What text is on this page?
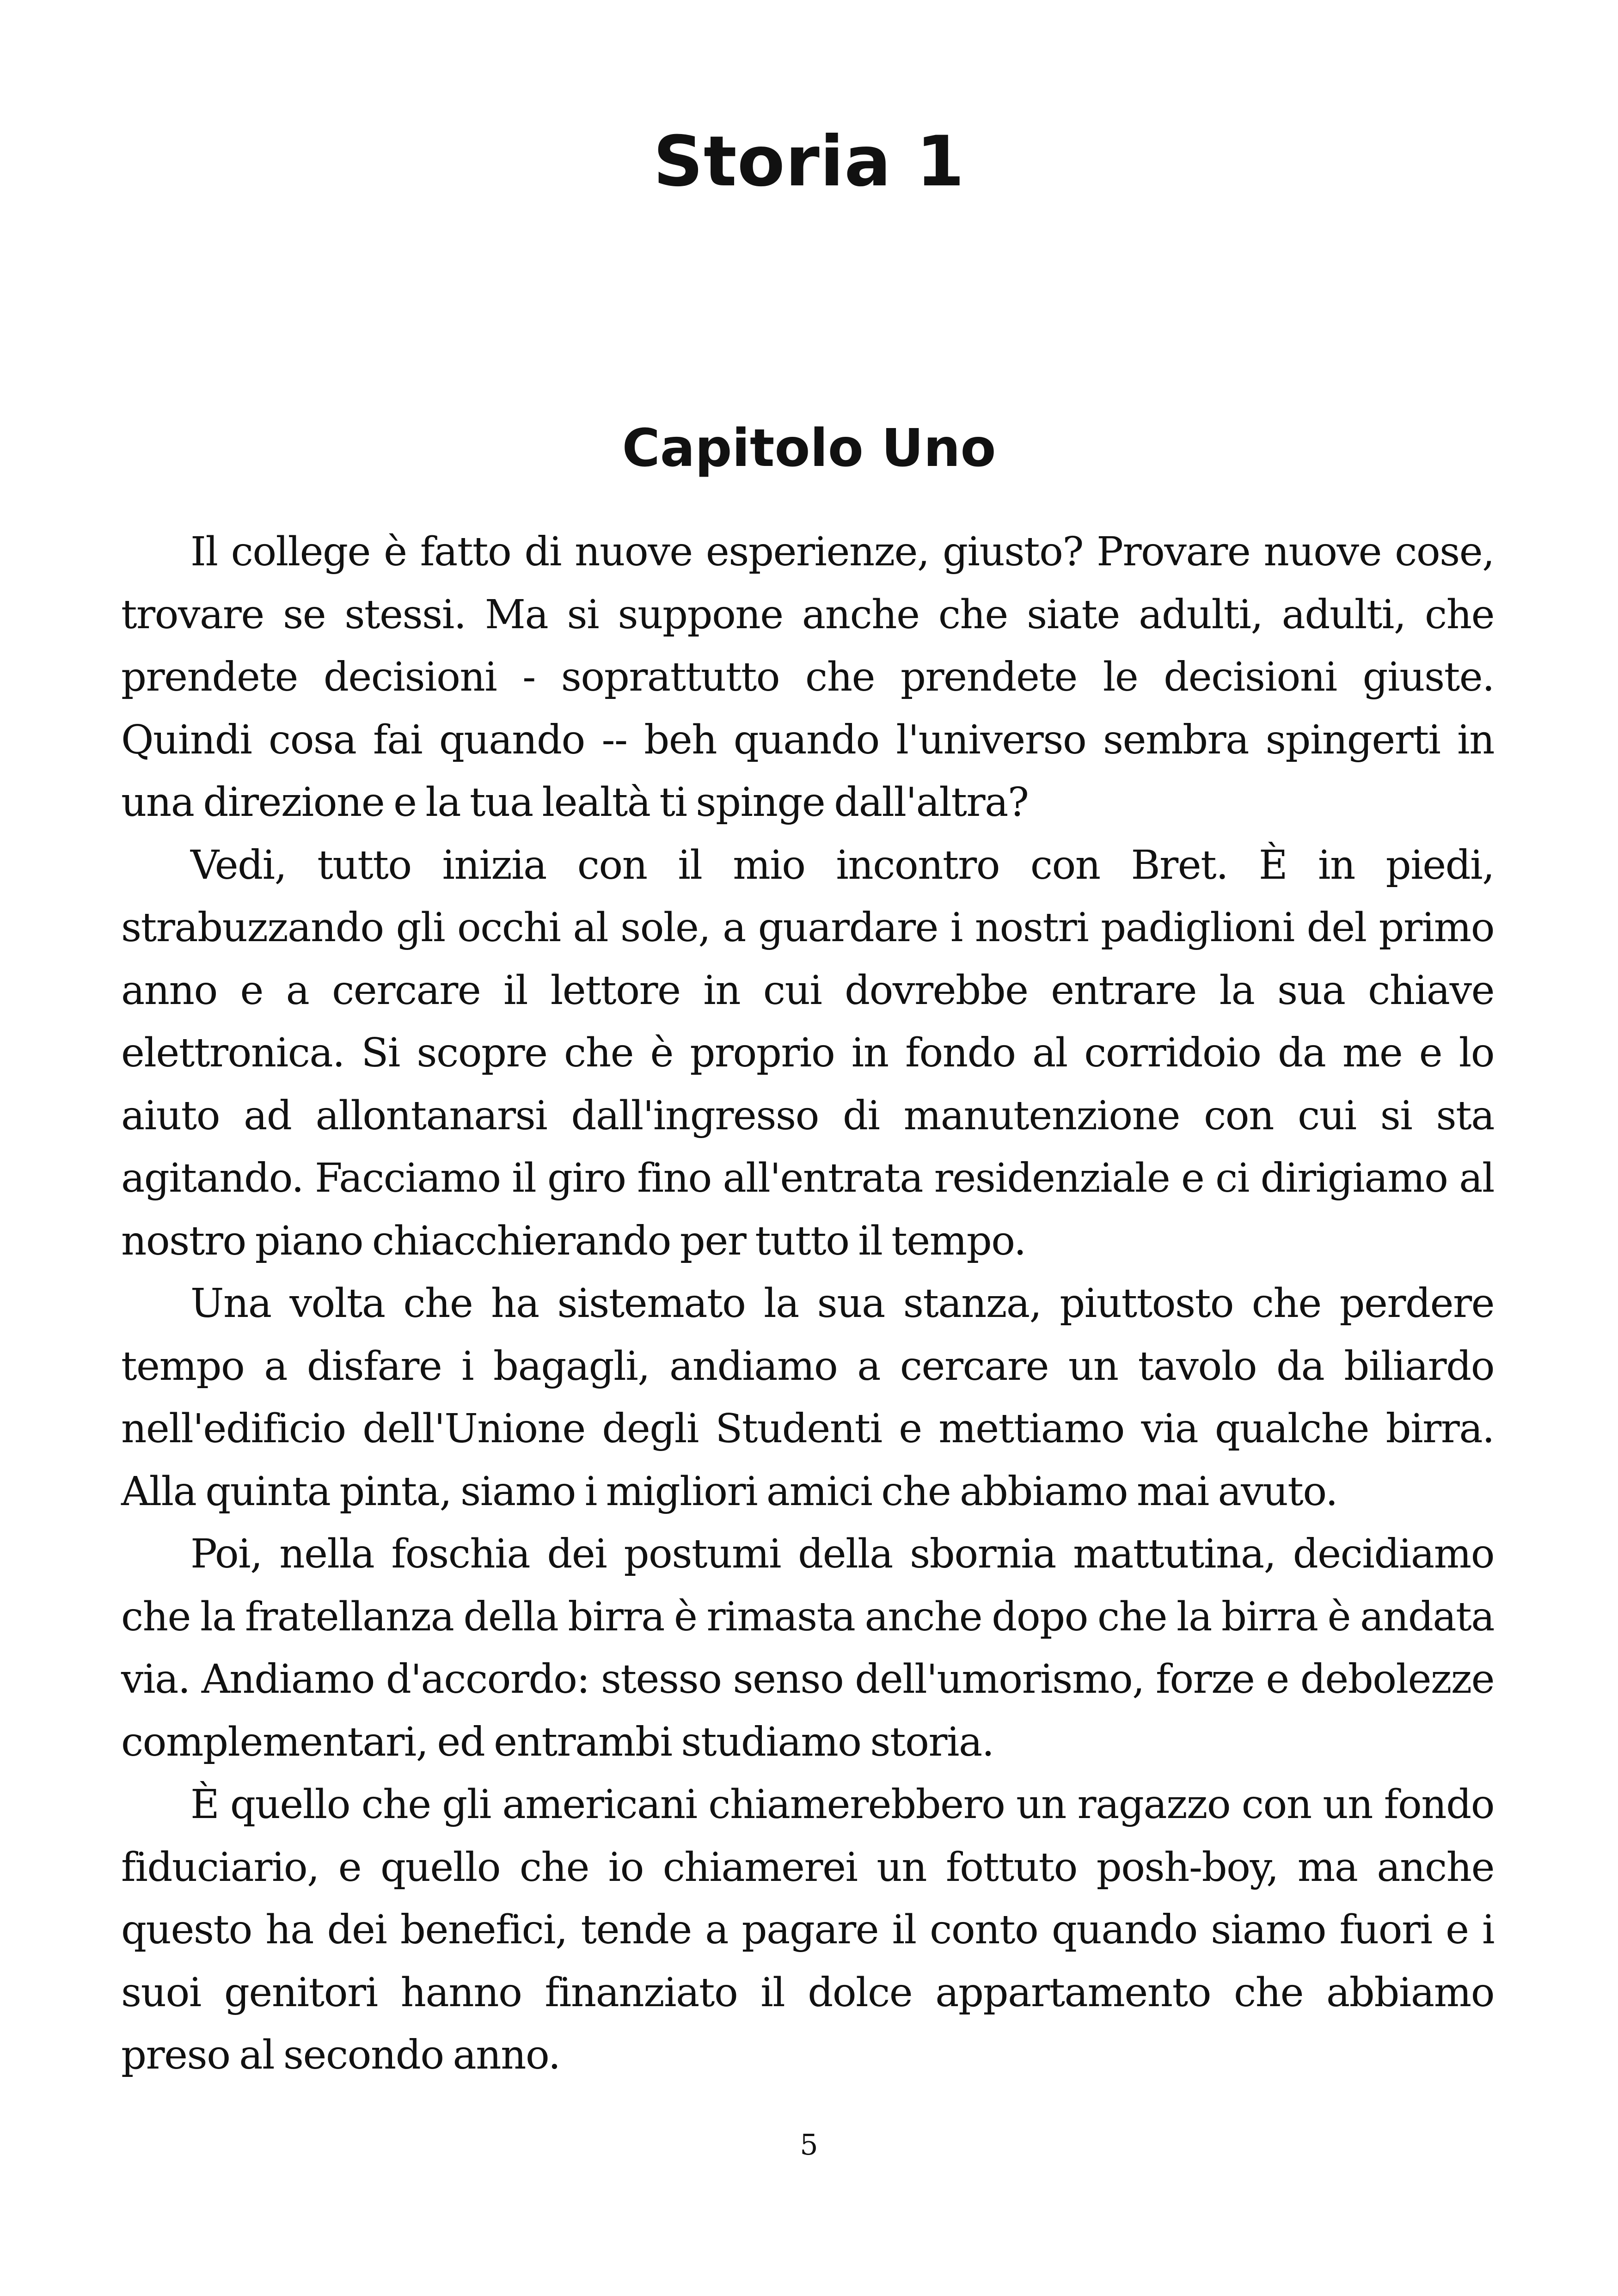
Storia 1
Capitolo Uno

Il college è fatto di nuove esperienze, giusto? Provare nuove cose, trovare se stessi. Ma si suppone anche che siate adulti, adulti, che prendete decisioni - soprattutto che prendete le decisioni giuste. Quindi cosa fai quando -- beh quando l'universo sembra spingerti in una direzione e la tua lealtà ti spinge dall'altra?

Vedi, tutto inizia con il mio incontro con Bret. È in piedi, strabuzzando gli occhi al sole, a guardare i nostri padiglioni del primo anno e a cercare il lettore in cui dovrebbe entrare la sua chiave elettronica. Si scopre che è proprio in fondo al corridoio da me e lo aiuto ad allontanarsi dall'ingresso di manutenzione con cui si sta agitando. Facciamo il giro fino all'entrata residenziale e ci dirigiamo al nostro piano chiacchierando per tutto il tempo.

Una volta che ha sistemato la sua stanza, piuttosto che perdere tempo a disfare i bagagli, andiamo a cercare un tavolo da biliardo nell'edificio dell'Unione degli Studenti e mettiamo via qualche birra. Alla quinta pinta, siamo i migliori amici che abbiamo mai avuto.

Poi, nella foschia dei postumi della sbornia mattutina, decidiamo che la fratellanza della birra è rimasta anche dopo che la birra è andata via. Andiamo d'accordo: stesso senso dell'umorismo, forze e debolezze complementari, ed entrambi studiamo storia.

È quello che gli americani chiamerebbero un ragazzo con un fondo fiduciario, e quello che io chiamerei un fottuto posh-boy, ma anche questo ha dei benefici, tende a pagare il conto quando siamo fuori e i suoi genitori hanno finanziato il dolce appartamento che abbiamo preso al secondo anno.

5
